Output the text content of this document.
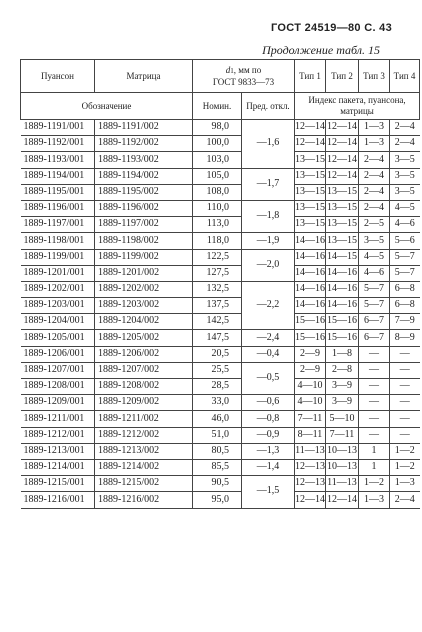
ГОСТ 24519—80 С. 43
Продолжение табл. 15
Пуансон	Матрица	d1, мм по
ГОСТ 9833—73		Тип 1	Тип 2	Тип 3	Тип 4
Обозначение		Номин.	Пред. откл.	Индекс пакета, пуансона, матрицы			
1889-1191/001	1889-1191/002	98,0	—1,6	12—14	12—14	1—3	2—4
1889-1192/001	1889-1192/002	100,0		12—14	12—14	1—3	2—4
1889-1193/001	1889-1193/002	103,0		13—15	12—14	2—4	3—5
1889-1194/001	1889-1194/002	105,0	—1,7	13—15	12—14	2—4	3—5
1889-1195/001	1889-1195/002	108,0		13—15	13—15	2—4	3—5
1889-1196/001	1889-1196/002	110,0	—1,8	13—15	13—15	2—4	4—5
1889-1197/001	1889-1197/002	113,0		13—15	13—15	2—5	4—6
1889-1198/001	1889-1198/002	118,0	—1,9	14—16	13—15	3—5	5—6
1889-1199/001	1889-1199/002	122,5	—2,0	14—16	14—15	4—5	5—7
1889-1201/001	1889-1201/002	127,5		14—16	14—16	4—6	5—7
1889-1202/001	1889-1202/002	132,5	—2,2	14—16	14—16	5—7	6—8
1889-1203/001	1889-1203/002	137,5		14—16	14—16	5—7	6—8
1889-1204/001	1889-1204/002	142,5		15—16	15—16	6—7	7—9
1889-1205/001	1889-1205/002	147,5	—2,4	15—16	15—16	6—7	8—9
1889-1206/001	1889-1206/002	20,5	—0,4	2—9	1—8	—	—
1889-1207/001	1889-1207/002	25,5	—0,5	2—9	2—8	—	—
1889-1208/001	1889-1208/002	28,5		4—10	3—9	—	—
1889-1209/001	1889-1209/002	33,0	—0,6	4—10	3—9	—	—
1889-1211/001	1889-1211/002	46,0	—0,8	7—11	5—10	—	—
1889-1212/001	1889-1212/002	51,0	—0,9	8—11	7—11	—	—
1889-1213/001	1889-1213/002	80,5	—1,3	11—13	10—13	1	1—2
1889-1214/001	1889-1214/002	85,5	—1,4	12—13	10—13	1	1—2
1889-1215/001	1889-1215/002	90,5	—1,5	12—13	11—13	1—2	1—3
1889-1216/001	1889-1216/002	95,0		12—14	12—14	1—3	2—4
